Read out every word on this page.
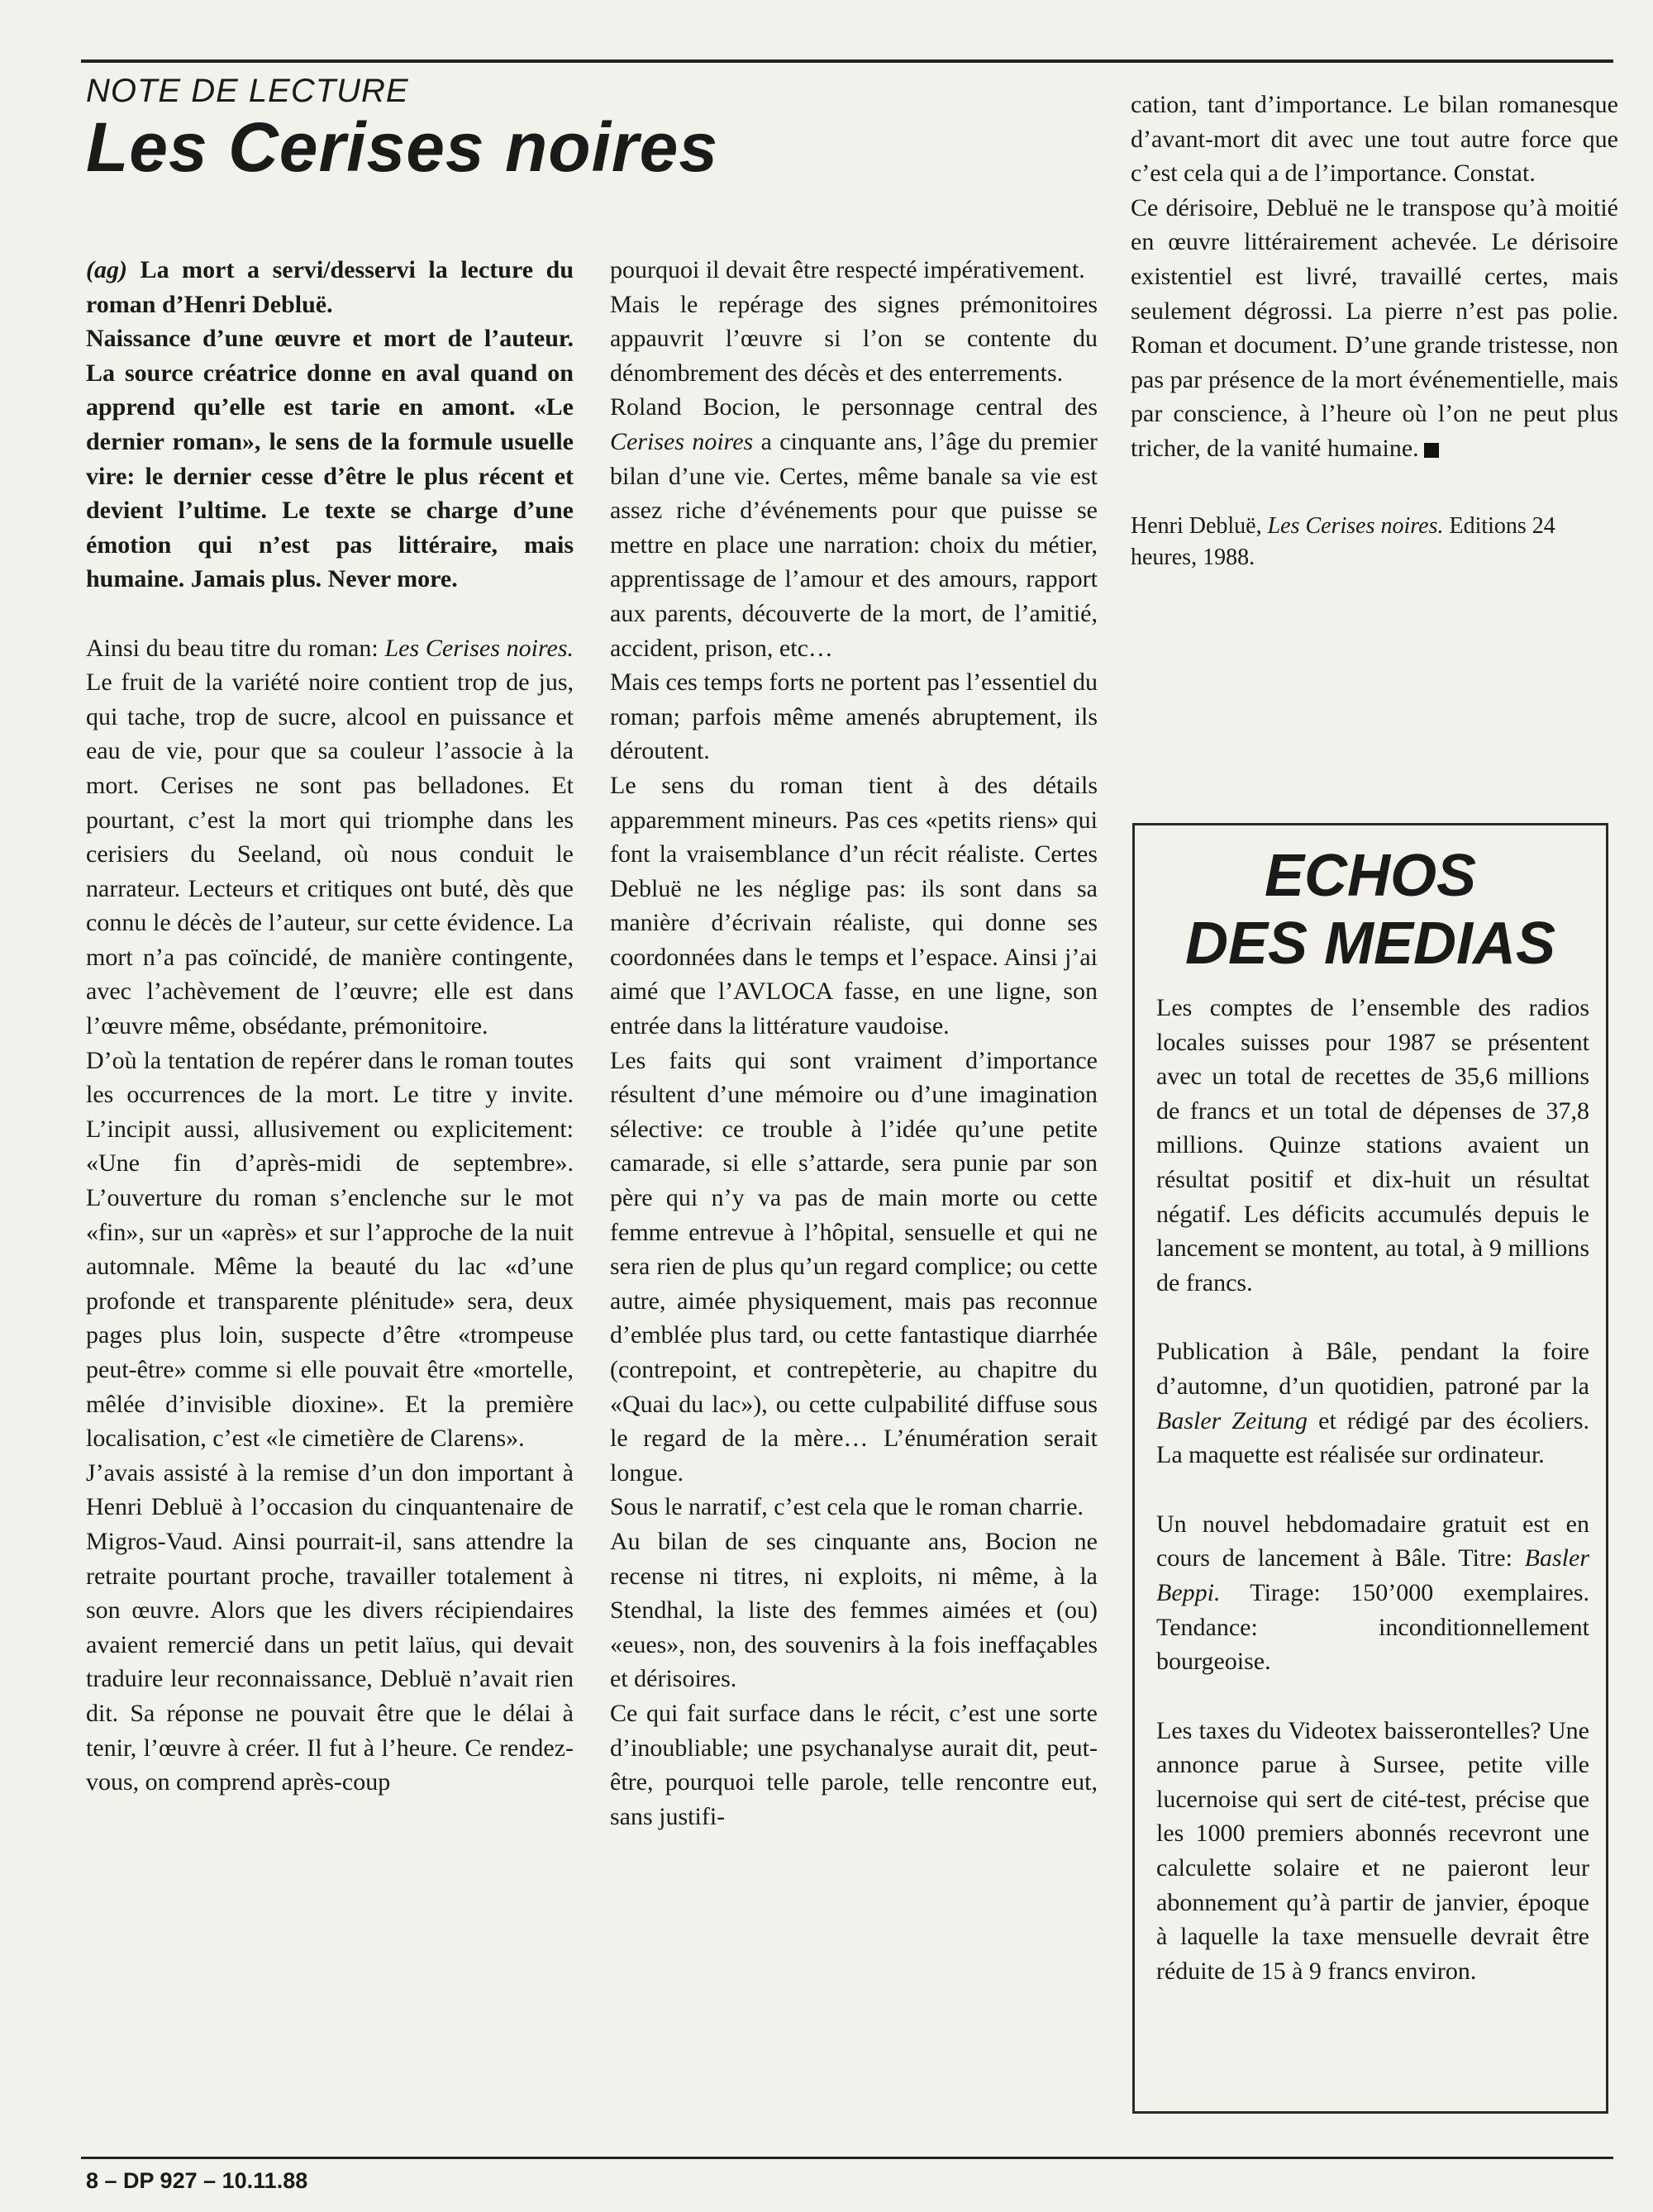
NOTE DE LECTURE
Les Cerises noires

(ag) La mort a servi/desservi la lecture du roman d’Henri Debluë.

Naissance d’une œuvre et mort de l’auteur. La source créatrice donne en aval quand on apprend qu’elle est tarie en amont. «Le dernier roman», le sens de la formule usuelle vire: le dernier cesse d’être le plus récent et devient l’ultime. Le texte se charge d’une émotion qui n’est pas littéraire, mais humaine. Jamais plus. Never more.

Ainsi du beau titre du roman: Les Cerises noires. Le fruit de la variété noire contient trop de jus, qui tache, trop de sucre, alcool en puissance et eau de vie, pour que sa couleur l’associe à la mort. Cerises ne sont pas belladones. Et pourtant, c’est la mort qui triomphe dans les cerisiers du Seeland, où nous conduit le narrateur. Lecteurs et critiques ont buté, dès que connu le décès de l’auteur, sur cette évidence. La mort n’a pas coïncidé, de manière contingente, avec l’achèvement de l’œuvre; elle est dans l’œuvre même, obsédante, prémonitoire.

D’où la tentation de repérer dans le roman toutes les occurrences de la mort. Le titre y invite. L’incipit aussi, allusivement ou explicitement: «Une fin d’après-midi de septembre». L’ouverture du roman s’enclenche sur le mot «fin», sur un «après» et sur l’approche de la nuit automnale. Même la beauté du lac «d’une profonde et transparente plénitude» sera, deux pages plus loin, suspecte d’être «trompeuse peut-être» comme si elle pouvait être «mortelle, mêlée d’invisible dioxine». Et la première localisation, c’est «le cimetière de Clarens».

J’avais assisté à la remise d’un don important à Henri Debluë à l’occasion du cinquantenaire de Migros-Vaud. Ainsi pourrait-il, sans attendre la retraite pourtant proche, travailler totalement à son œuvre. Alors que les divers récipiendaires avaient remercié dans un petit laïus, qui devait traduire leur reconnaissance, Debluë n’avait rien dit. Sa réponse ne pouvait être que le délai à tenir, l’œuvre à créer. Il fut à l’heure. Ce rendez-vous, on comprend après-coup

pourquoi il devait être respecté impérativement.

Mais le repérage des signes prémonitoires appauvrit l’œuvre si l’on se contente du dénombrement des décès et des enterrements.

Roland Bocion, le personnage central des Cerises noires a cinquante ans, l’âge du premier bilan d’une vie. Certes, même banale sa vie est assez riche d’événements pour que puisse se mettre en place une narration: choix du métier, apprentissage de l’amour et des amours, rapport aux parents, découverte de la mort, de l’amitié, accident, prison, etc…

Mais ces temps forts ne portent pas l’essentiel du roman; parfois même amenés abruptement, ils déroutent.

Le sens du roman tient à des détails apparemment mineurs. Pas ces «petits riens» qui font la vraisemblance d’un récit réaliste. Certes Debluë ne les néglige pas: ils sont dans sa manière d’écrivain réaliste, qui donne ses coordonnées dans le temps et l’espace. Ainsi j’ai aimé que l’AVLOCA fasse, en une ligne, son entrée dans la littérature vaudoise.

Les faits qui sont vraiment d’importance résultent d’une mémoire ou d’une imagination sélective: ce trouble à l’idée qu’une petite camarade, si elle s’attarde, sera punie par son père qui n’y va pas de main morte ou cette femme entrevue à l’hôpital, sensuelle et qui ne sera rien de plus qu’un regard complice; ou cette autre, aimée physiquement, mais pas reconnue d’emblée plus tard, ou cette fantastique diarrhée (contrepoint, et contrepèterie, au chapitre du «Quai du lac»), ou cette culpabilité diffuse sous le regard de la mère… L’énumération serait longue.

Sous le narratif, c’est cela que le roman charrie.

Au bilan de ses cinquante ans, Bocion ne recense ni titres, ni exploits, ni même, à la Stendhal, la liste des femmes aimées et (ou) «eues», non, des souvenirs à la fois ineffaçables et dérisoires.

Ce qui fait surface dans le récit, c’est une sorte d’inoubliable; une psychanalyse aurait dit, peut-être, pourquoi telle parole, telle rencontre eut, sans justifi-

cation, tant d’importance. Le bilan romanesque d’avant-mort dit avec une tout autre force que c’est cela qui a de l’importance. Constat.

Ce dérisoire, Debluë ne le transpose qu’à moitié en œuvre littérairement achevée. Le dérisoire existentiel est livré, travaillé certes, mais seulement dégrossi. La pierre n’est pas polie. Roman et document. D’une grande tristesse, non pas par présence de la mort événementielle, mais par conscience, à l’heure où l’on ne peut plus tricher, de la vanité humaine.

Henri Debluë, Les Cerises noires. Editions 24 heures, 1988.

ECHOS
DES MEDIAS

Les comptes de l’ensemble des radios locales suisses pour 1987 se présentent avec un total de recettes de 35,6 millions de francs et un total de dépenses de 37,8 millions. Quinze stations avaient un résultat positif et dix-huit un résultat négatif. Les déficits accumulés depuis le lancement se montent, au total, à 9 millions de francs.

Publication à Bâle, pendant la foire d’automne, d’un quotidien, patroné par la Basler Zeitung et rédigé par des écoliers. La maquette est réalisée sur ordinateur.

Un nouvel hebdomadaire gratuit est en cours de lancement à Bâle. Titre: Basler Beppi. Tirage: 150’000 exemplaires. Tendance: inconditionnellement bourgeoise.

Les taxes du Videotex baisserontelles? Une annonce parue à Sursee, petite ville lucernoise qui sert de cité-test, précise que les 1000 premiers abonnés recevront une calculette solaire et ne paieront leur abonnement qu’à partir de janvier, époque à laquelle la taxe mensuelle devrait être réduite de 15 à 9 francs environ.

8 – DP 927 – 10.11.88
